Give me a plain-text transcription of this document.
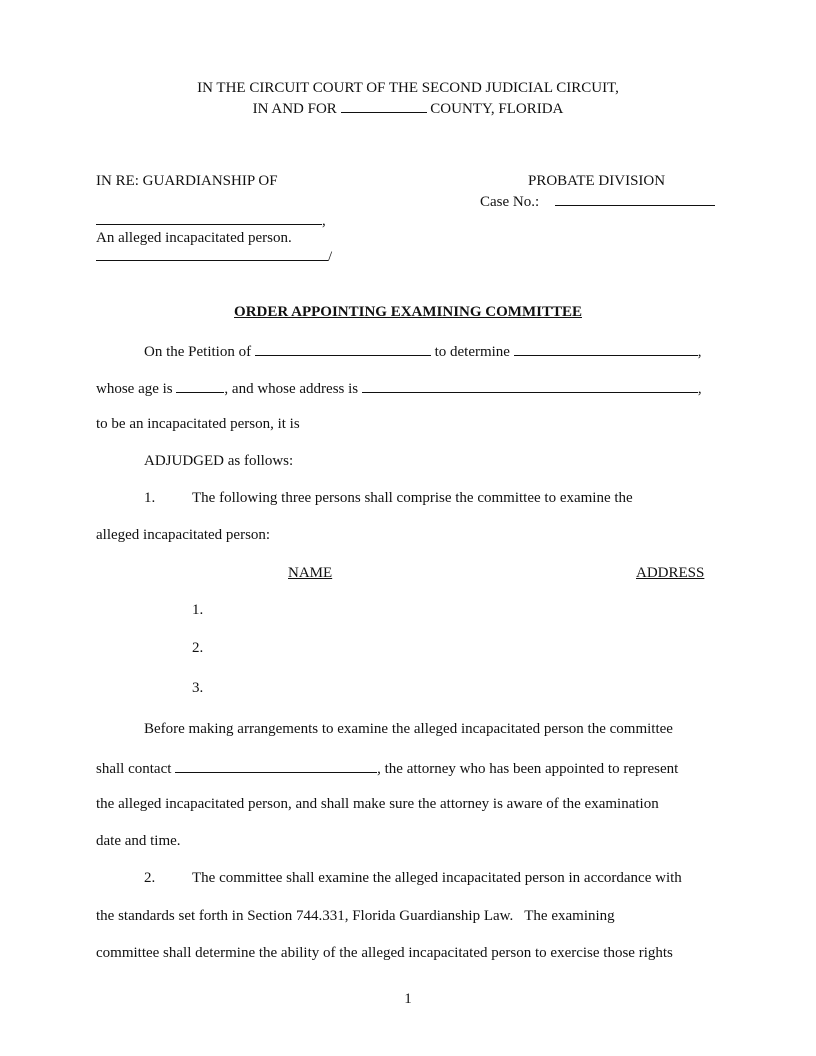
IN THE CIRCUIT COURT OF THE SECOND JUDICIAL CIRCUIT,
IN AND FOR	COUNTY, FLORIDA
IN RE: GUARDIANSHIP OF	PROBATE DIVISION
Case No.:
,
An alleged incapacitated person.
/
ORDER APPOINTING EXAMINING COMMITTEE
On the Petition of	to determine	,
whose age is	, and whose address is	,
to be an incapacitated person, it is
ADJUDGED as follows:
1. The following three persons shall comprise the committee to examine the
alleged incapacitated person:
NAME	ADDRESS
1.
2.
3.
Before making arrangements to examine the alleged incapacitated person the committee
shall contact	, the attorney who has been appointed to represent
the alleged incapacitated person, and shall make sure the attorney is aware of the examination
date and time.
2. The committee shall examine the alleged incapacitated person in accordance with
the standards set forth in Section 744.331, Florida Guardianship Law.   The examining
committee shall determine the ability of the alleged incapacitated person to exercise those rights
1
